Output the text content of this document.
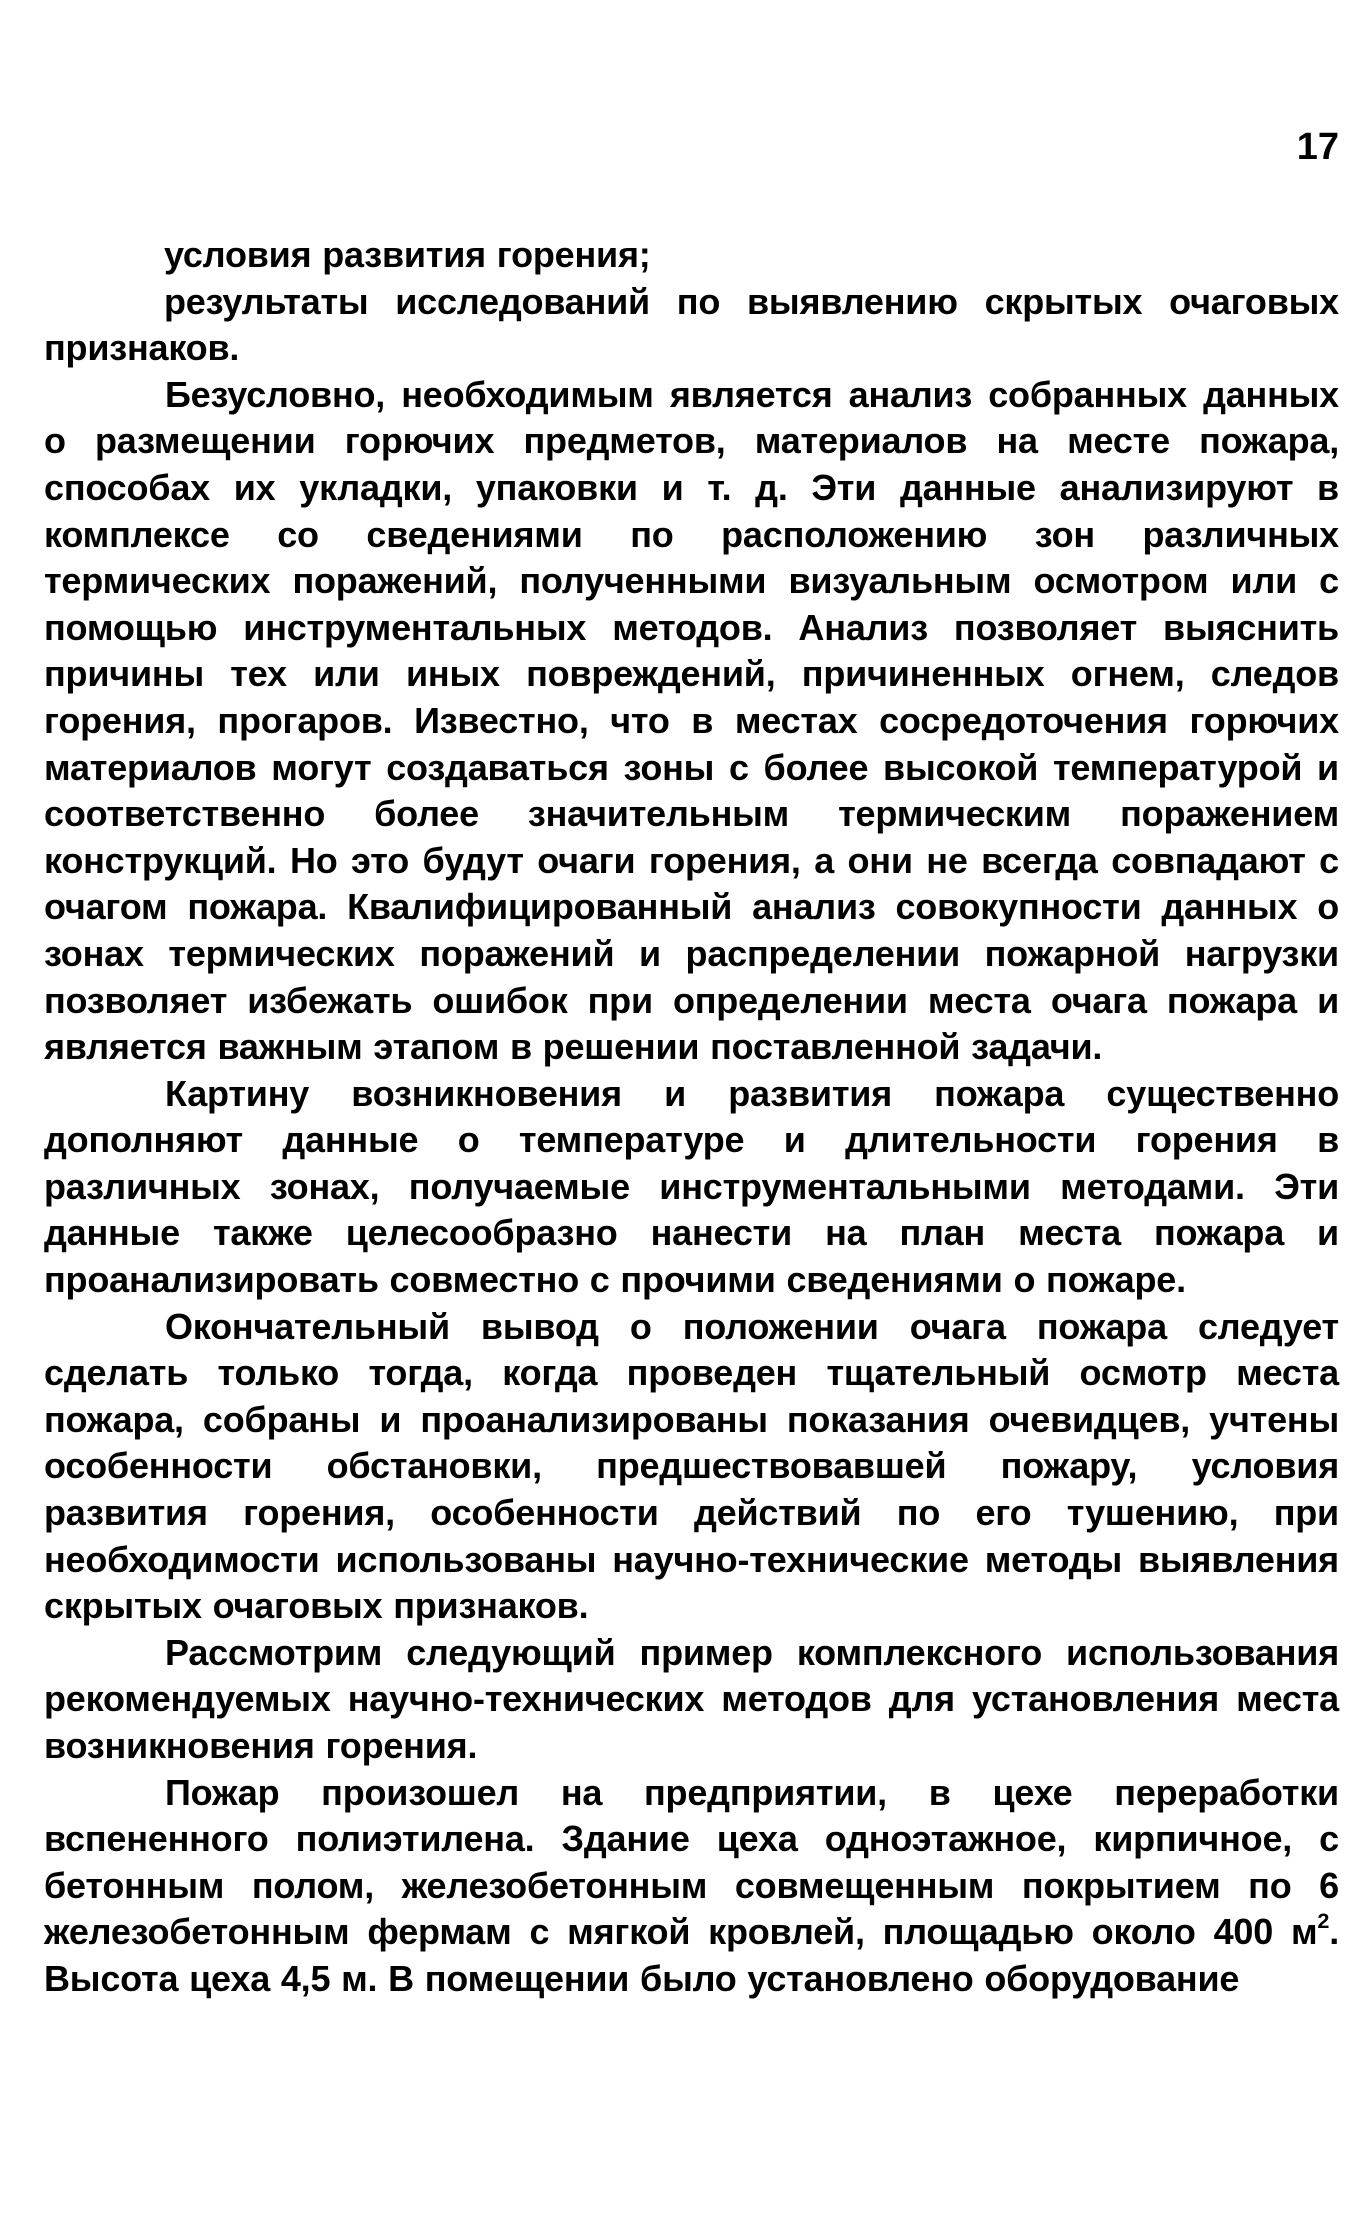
17

условия развития горения;

результаты исследований по выявлению скрытых очаговых признаков.

Безусловно, необходимым является анализ собранных данных о размещении горючих предметов, материалов на месте пожара, способах их укладки, упаковки и т. д. Эти данные анализируют в комплексе со сведениями по расположению зон различных термических поражений, полученными визуальным осмотром или с помощью инструментальных методов. Анализ позволяет выяснить причины тех или иных повреждений, причиненных огнем, следов горения, прогаров. Известно, что в местах сосредоточения горючих материалов могут создаваться зоны с более высокой температурой и соответственно более значительным термическим поражением конструкций. Но это будут очаги горения, а они не всегда совпадают с очагом пожара. Квалифицированный анализ совокупности данных о зонах термических поражений и распределении пожарной нагрузки позволяет избежать ошибок при определении места очага пожара и является важным этапом в решении поставленной задачи.

Картину возникновения и развития пожара существенно дополняют данные о температуре и длительности горения в различных зонах, получаемые инструментальными методами. Эти данные также целесообразно нанести на план места пожара и проанализировать совместно с прочими сведениями о пожаре.

Окончательный вывод о положении очага пожара следует сделать только тогда, когда проведен тщательный осмотр места пожара, собраны и проанализированы показания очевидцев, учтены особенности обстановки, предшествовавшей пожару, условия развития горения, особенности действий по его тушению, при необходимости использованы научно-технические методы выявления скрытых очаговых признаков.

Рассмотрим следующий пример комплексного использования рекомендуемых научно-технических методов для установления места возникновения горения.

Пожар произошел на предприятии, в цехе переработки вспененного полиэтилена. Здание цеха одноэтажное, кирпичное, с бетонным полом, железобетонным совмещенным покрытием по 6 железобетонным фермам с мягкой кровлей, площадью около 400 $м^2$. Высота цеха 4,5 м. В помещении было установлено оборудование
